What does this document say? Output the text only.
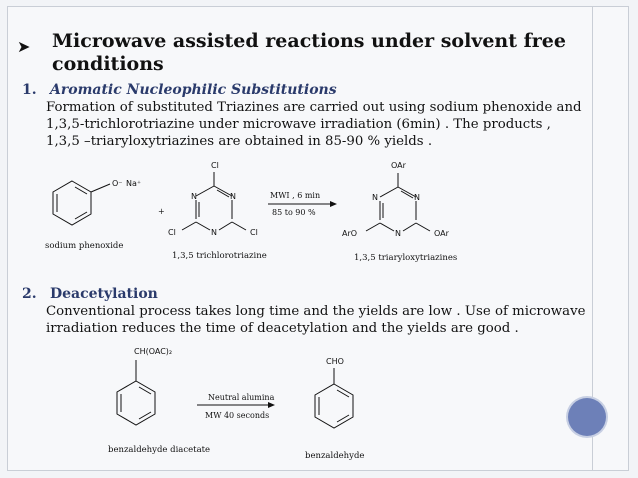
➤ Microwave assisted reactions under solvent free conditions
1. Aromatic Nucleophilic Substitutions
Formation of substituted Triazines are carried out using sodium phenoxide and 1,3,5-trichlorotriazine under microwave irradiation (6min) . The products , 1,3,5 –triaryloxytriazines are obtained in 85-90 % yields .
O⁻ Na⁺
sodium phenoxide
+
Cl
N	N
N
Cl	Cl
1,3,5 trichlorotriazine
MWI , 6 min
85 to 90 %
OAr
N	N
N
ArO	OAr
1,3,5 triaryloxytriazines
CH(OAC)₂
benzaldehyde diacetate
Neutral alumina
MW 40 seconds
CHO
benzaldehyde
2. Deacetylation
Conventional process takes long time and the yields are low . Use of microwave irradiation reduces the time of deacetylation and the yields are good .
